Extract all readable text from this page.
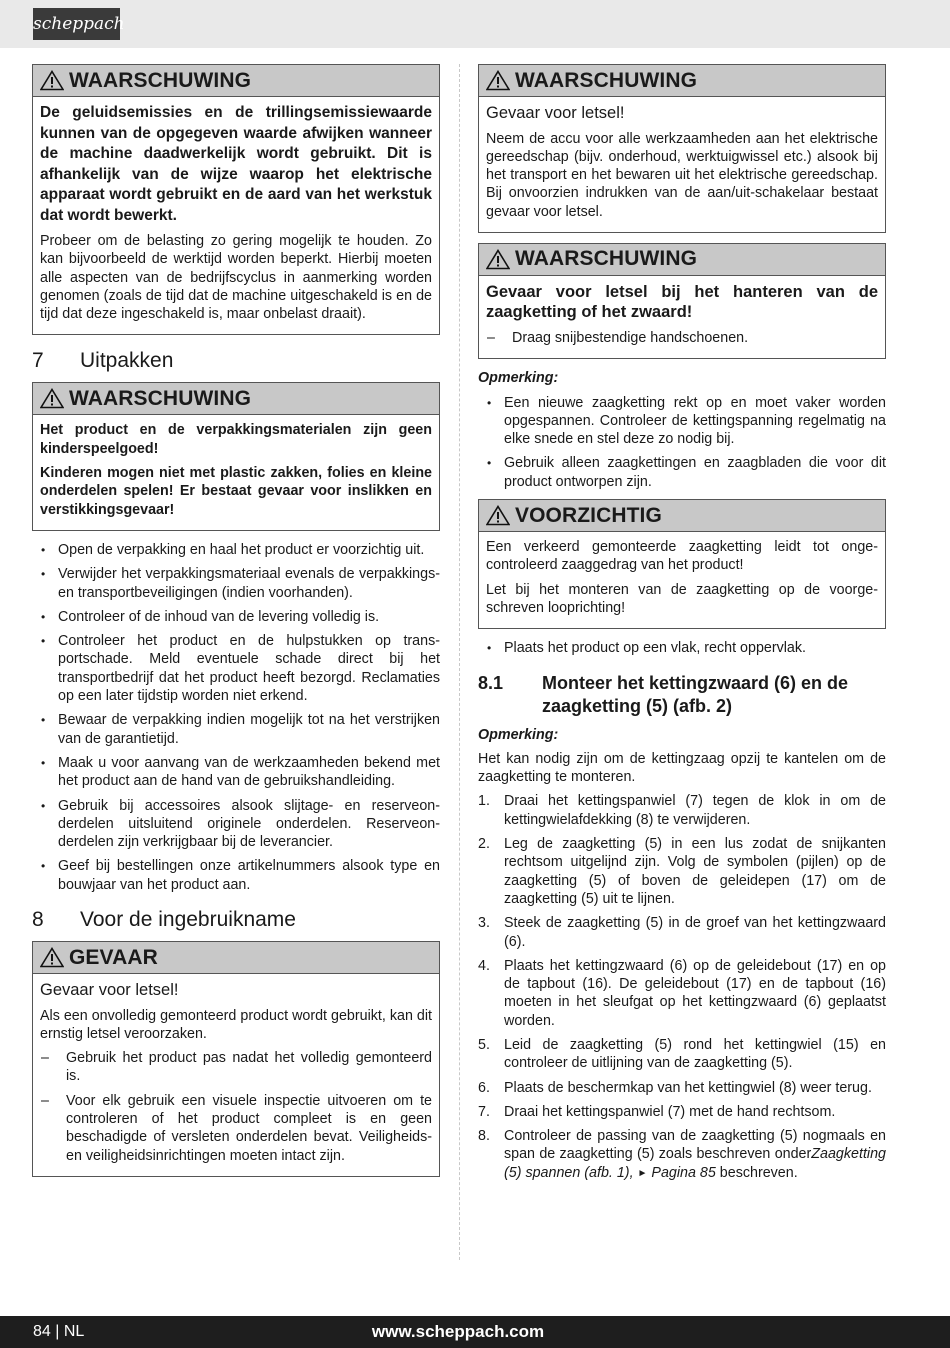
scheppach
WAARSCHUWING

De geluidsemissies en de trillingsemissiewaarde kunnen van de opgegeven waarde afwijken wanneer de machine daadwerkelijk wordt gebruikt. Dit is afhankelijk van de wijze waarop het elektrische apparaat wordt gebruikt en de aard van het werkstuk dat wordt bewerkt.

Probeer om de belasting zo gering mogelijk te houden. Zo kan bijvoorbeeld de werktijd worden beperkt. Hierbij moeten alle aspecten van de bedrijfscyclus in aanmerking worden genomen (zoals de tijd dat de machine uitgeschakeld is en de tijd dat deze ingeschakeld is, maar onbelast draait).

7	Uitpakken
WAARSCHUWING

Het product en de verpakkingsmaterialen zijn geen kinderspeelgoed!

Kinderen mogen niet met plastic zakken, folies en kleine onderdelen spelen! Er bestaat gevaar voor inslikken en verstikkingsgevaar!

• Open de verpakking en haal het product er voorzichtig uit.
• Verwijder het verpakkingsmateriaal evenals de verpakkings- en transportbeveiligingen (indien voorhanden).
• Controleer of de inhoud van de levering volledig is.
• Controleer het product en de hulpstukken op transportschade. Meld eventuele schade direct bij het transportbedrijf dat het product heeft bezorgd. Reclamaties op een later tijdstip worden niet erkend.
• Bewaar de verpakking indien mogelijk tot na het verstrijken van de garantietijd.
• Maak u voor aanvang van de werkzaamheden bekend met het product aan de hand van de gebruikshandleiding.
• Gebruik bij accessoires alsook slijtage- en reserveonderdelen uitsluitend originele onderdelen. Reserveonderdelen zijn verkrijgbaar bij de leverancier.
• Geef bij bestellingen onze artikelnummers alsook type en bouwjaar van het product aan.
8	Voor de ingebruikname
GEVAAR

Gevaar voor letsel!

Als een onvolledig gemonteerd product wordt gebruikt, kan dit ernstig letsel veroorzaken.

– Gebruik het product pas nadat het volledig gemonteerd is.
– Voor elk gebruik een visuele inspectie uitvoeren om te controleren of het product compleet is en geen beschadigde of versleten onderdelen bevat. Veiligheids- en veiligheidsinrichtingen moeten intact zijn.
WAARSCHUWING

Gevaar voor letsel!

Neem de accu voor alle werkzaamheden aan het elektrische gereedschap (bijv. onderhoud, werktuigwissel etc.) alsook bij het transport en het bewaren uit het elektrische gereedschap. Bij onvoorzien indrukken van de aan/uit-schakelaar bestaat gevaar voor letsel.

WAARSCHUWING

Gevaar voor letsel bij het hanteren van de zaagketting of het zwaard!

– Draag snijbestendige handschoenen.

Opmerking:

• Een nieuwe zaagketting rekt op en moet vaker worden opgespannen. Controleer de kettingspanning regelmatig na elke snede en stel deze zo nodig bij.
• Gebruik alleen zaagkettingen en zaagbladen die voor dit product ontworpen zijn.
VOORZICHTIG

Een verkeerd gemonteerde zaagketting leidt tot ongecontroleerd zaaggedrag van het product!

Let bij het monteren van de zaagketting op de voorgeschreven looprichting!

• Plaats het product op een vlak, recht oppervlak.
8.1	Monteer het kettingzwaard (6) en de zaagketting (5) (afb. 2)

Opmerking:

Het kan nodig zijn om de kettingzaag opzij te kantelen om de zaagketting te monteren.

1. Draai het kettingspanwiel (7) tegen de klok in om de kettingwielafdekking (8) te verwijderen.
2. Leg de zaagketting (5) in een lus zodat de snijkanten rechtsom uitgelijnd zijn. Volg de symbolen (pijlen) op de zaagketting (5) of boven de geleidepen (17) om de zaagketting (5) uit te lijnen.
3. Steek de zaagketting (5) in de groef van het kettingzwaard (6).
4. Plaats het kettingzwaard (6) op de geleidebout (17) en op de tapbout (16). De geleidebout (17) en de tapbout (16) moeten in het sleufgat op het kettingzwaard (6) geplaatst worden.
5. Leid de zaagketting (5) rond het kettingwiel (15) en controleer de uitlijning van de zaagketting (5).
6. Plaats de beschermkap van het kettingwiel (8) weer terug.
7. Draai het kettingspanwiel (7) met de hand rechtsom.
8. Controleer de passing van de zaagketting (5) nogmaals en span de zaagketting (5) zoals beschreven onderZaagketting (5) spannen (afb. 1), ► Pagina 85 beschreven.
84 | NL	www.scheppach.com
